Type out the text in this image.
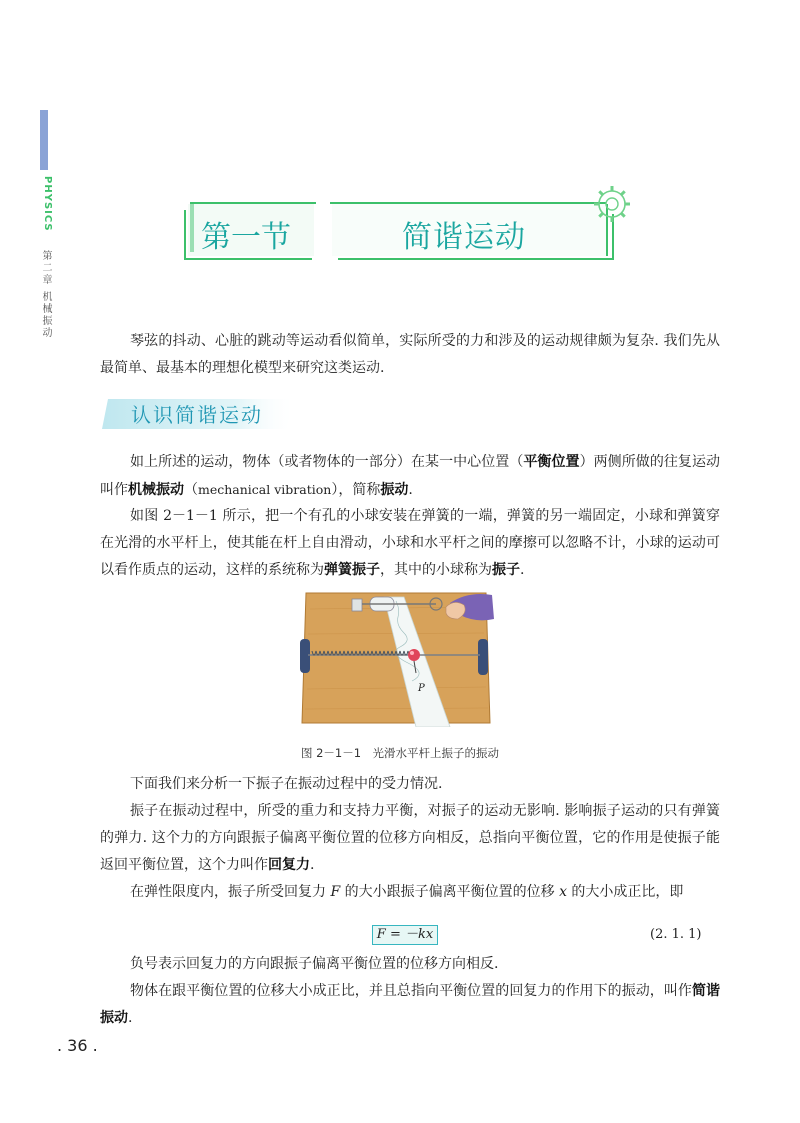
PHYSICS
第二章 机械振动
第一节	简谐运动
琴弦的抖动、心脏的跳动等运动看似简单，实际所受的力和涉及的运动规律颇为复杂. 我们先从最简单、最基本的理想化模型来研究这类运动.
认识简谐运动
如上所述的运动，物体（或者物体的一部分）在某一中心位置（平衡位置）两侧所做的往复运动叫作机械振动（mechanical vibration），简称振动.
如图 2－1－1 所示，把一个有孔的小球安装在弹簧的一端，弹簧的另一端固定，小球和弹簧穿在光滑的水平杆上，使其能在杆上自由滑动，小球和水平杆之间的摩擦可以忽略不计，小球的运动可以看作质点的运动，这样的系统称为弹簧振子，其中的小球称为振子.
P
图 2－1－1　光滑水平杆上振子的振动
下面我们来分析一下振子在振动过程中的受力情况.
振子在振动过程中，所受的重力和支持力平衡，对振子的运动无影响. 影响振子运动的只有弹簧的弹力. 这个力的方向跟振子偏离平衡位置的位移方向相反，总指向平衡位置，它的作用是使振子能返回平衡位置，这个力叫作回复力.
在弹性限度内，振子所受回复力 F 的大小跟振子偏离平衡位置的位移 x 的大小成正比，即
F = －kx	(2. 1. 1)
负号表示回复力的方向跟振子偏离平衡位置的位移方向相反.
物体在跟平衡位置的位移大小成正比，并且总指向平衡位置的回复力的作用下的振动，叫作简谐振动.
. 36 .
